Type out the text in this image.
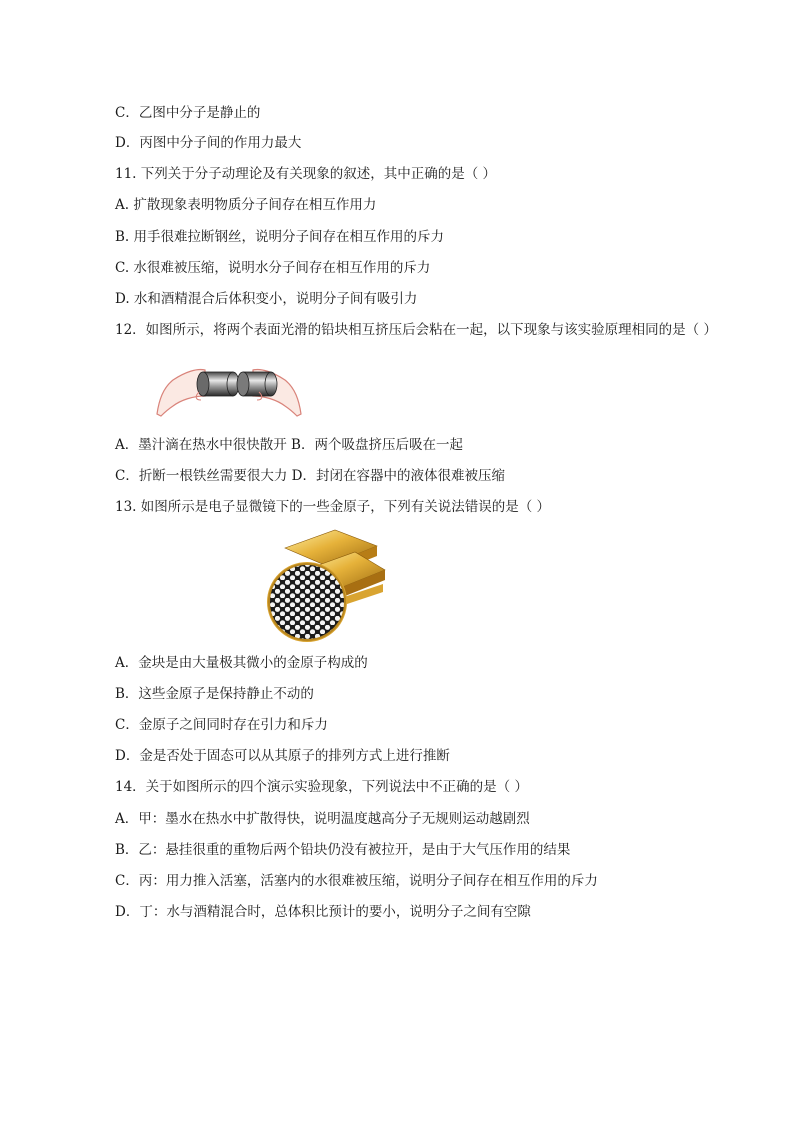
C．乙图中分子是静止的
D．丙图中分子间的作用力最大
11. 下列关于分子动理论及有关现象的叙述，其中正确的是（ ）
A. 扩散现象表明物质分子间存在相互作用力
B. 用手很难拉断钢丝，说明分子间存在相互作用的斥力
C. 水很难被压缩，说明水分子间存在相互作用的斥力
D. 水和酒精混合后体积变小，说明分子间有吸引力
12．如图所示，将两个表面光滑的铅块相互挤压后会粘在一起，以下现象与该实验原理相同的是（ ）
A．墨汁滴在热水中很快散开 B．两个吸盘挤压后吸在一起
C．折断一根铁丝需要很大力 D．封闭在容器中的液体很难被压缩
13. 如图所示是电子显微镜下的一些金原子，下列有关说法错误的是（ ）
A．金块是由大量极其微小的金原子构成的
B．这些金原子是保持静止不动的
C．金原子之间同时存在引力和斥力
D．金是否处于固态可以从其原子的排列方式上进行推断
14．关于如图所示的四个演示实验现象，下列说法中不正确的是（ ）
A．甲：墨水在热水中扩散得快，说明温度越高分子无规则运动越剧烈
B．乙：悬挂很重的重物后两个铅块仍没有被拉开，是由于大气压作用的结果
C．丙：用力推入活塞，活塞内的水很难被压缩，说明分子间存在相互作用的斥力
D．丁：水与酒精混合时，总体积比预计的要小，说明分子之间有空隙
